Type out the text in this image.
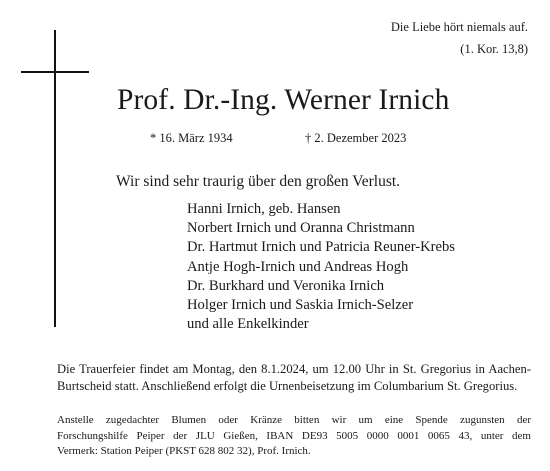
Die Liebe hört niemals auf.
(1. Kor. 13,8)
Prof. Dr.-Ing. Werner Irnich
* 16. März 1934	† 2. Dezember 2023
Wir sind sehr traurig über den großen Verlust.
Hanni Irnich, geb. Hansen
Norbert Irnich und Oranna Christmann
Dr. Hartmut Irnich und Patricia Reuner-Krebs
Antje Hogh-Irnich und Andreas Hogh
Dr. Burkhard und Veronika Irnich
Holger Irnich und Saskia Irnich-Selzer
und alle Enkelkinder
Die Trauerfeier findet am Montag, den 8.1.2024, um 12.00 Uhr in St. Gregorius in Aachen-Burtscheid statt. Anschließend erfolgt die Urnenbeisetzung im Columbarium St. Gregorius.
Anstelle zugedachter Blumen oder Kränze bitten wir um eine Spende zugunsten der
Forschungshilfe Peiper der JLU Gießen, IBAN DE93 5005 0000 0001 0065 43, unter dem
Vermerk: Station Peiper (PKST 628 802 32), Prof. Irnich.
